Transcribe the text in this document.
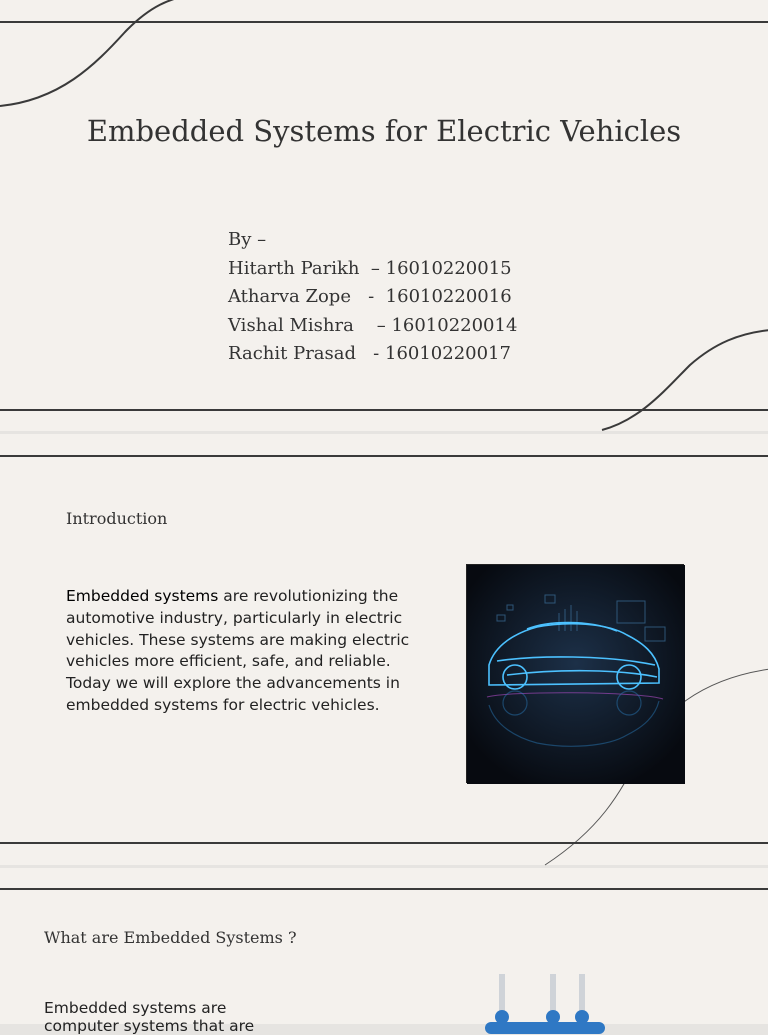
Embedded Systems for Electric Vehicles
By –
Hitarth Parikh  – 16010220015
Atharva Zope   -  16010220016
Vishal Mishra    – 16010220014
Rachit Prasad   - 16010220017
Introduction

Embedded systems are revolutionizing the automotive industry, particularly in electric vehicles. These systems are making electric vehicles more efficient, safe, and reliable. Today we will explore the advancements in embedded systems for electric vehicles.

What are Embedded Systems ?

Embedded systems are computer systems that are
